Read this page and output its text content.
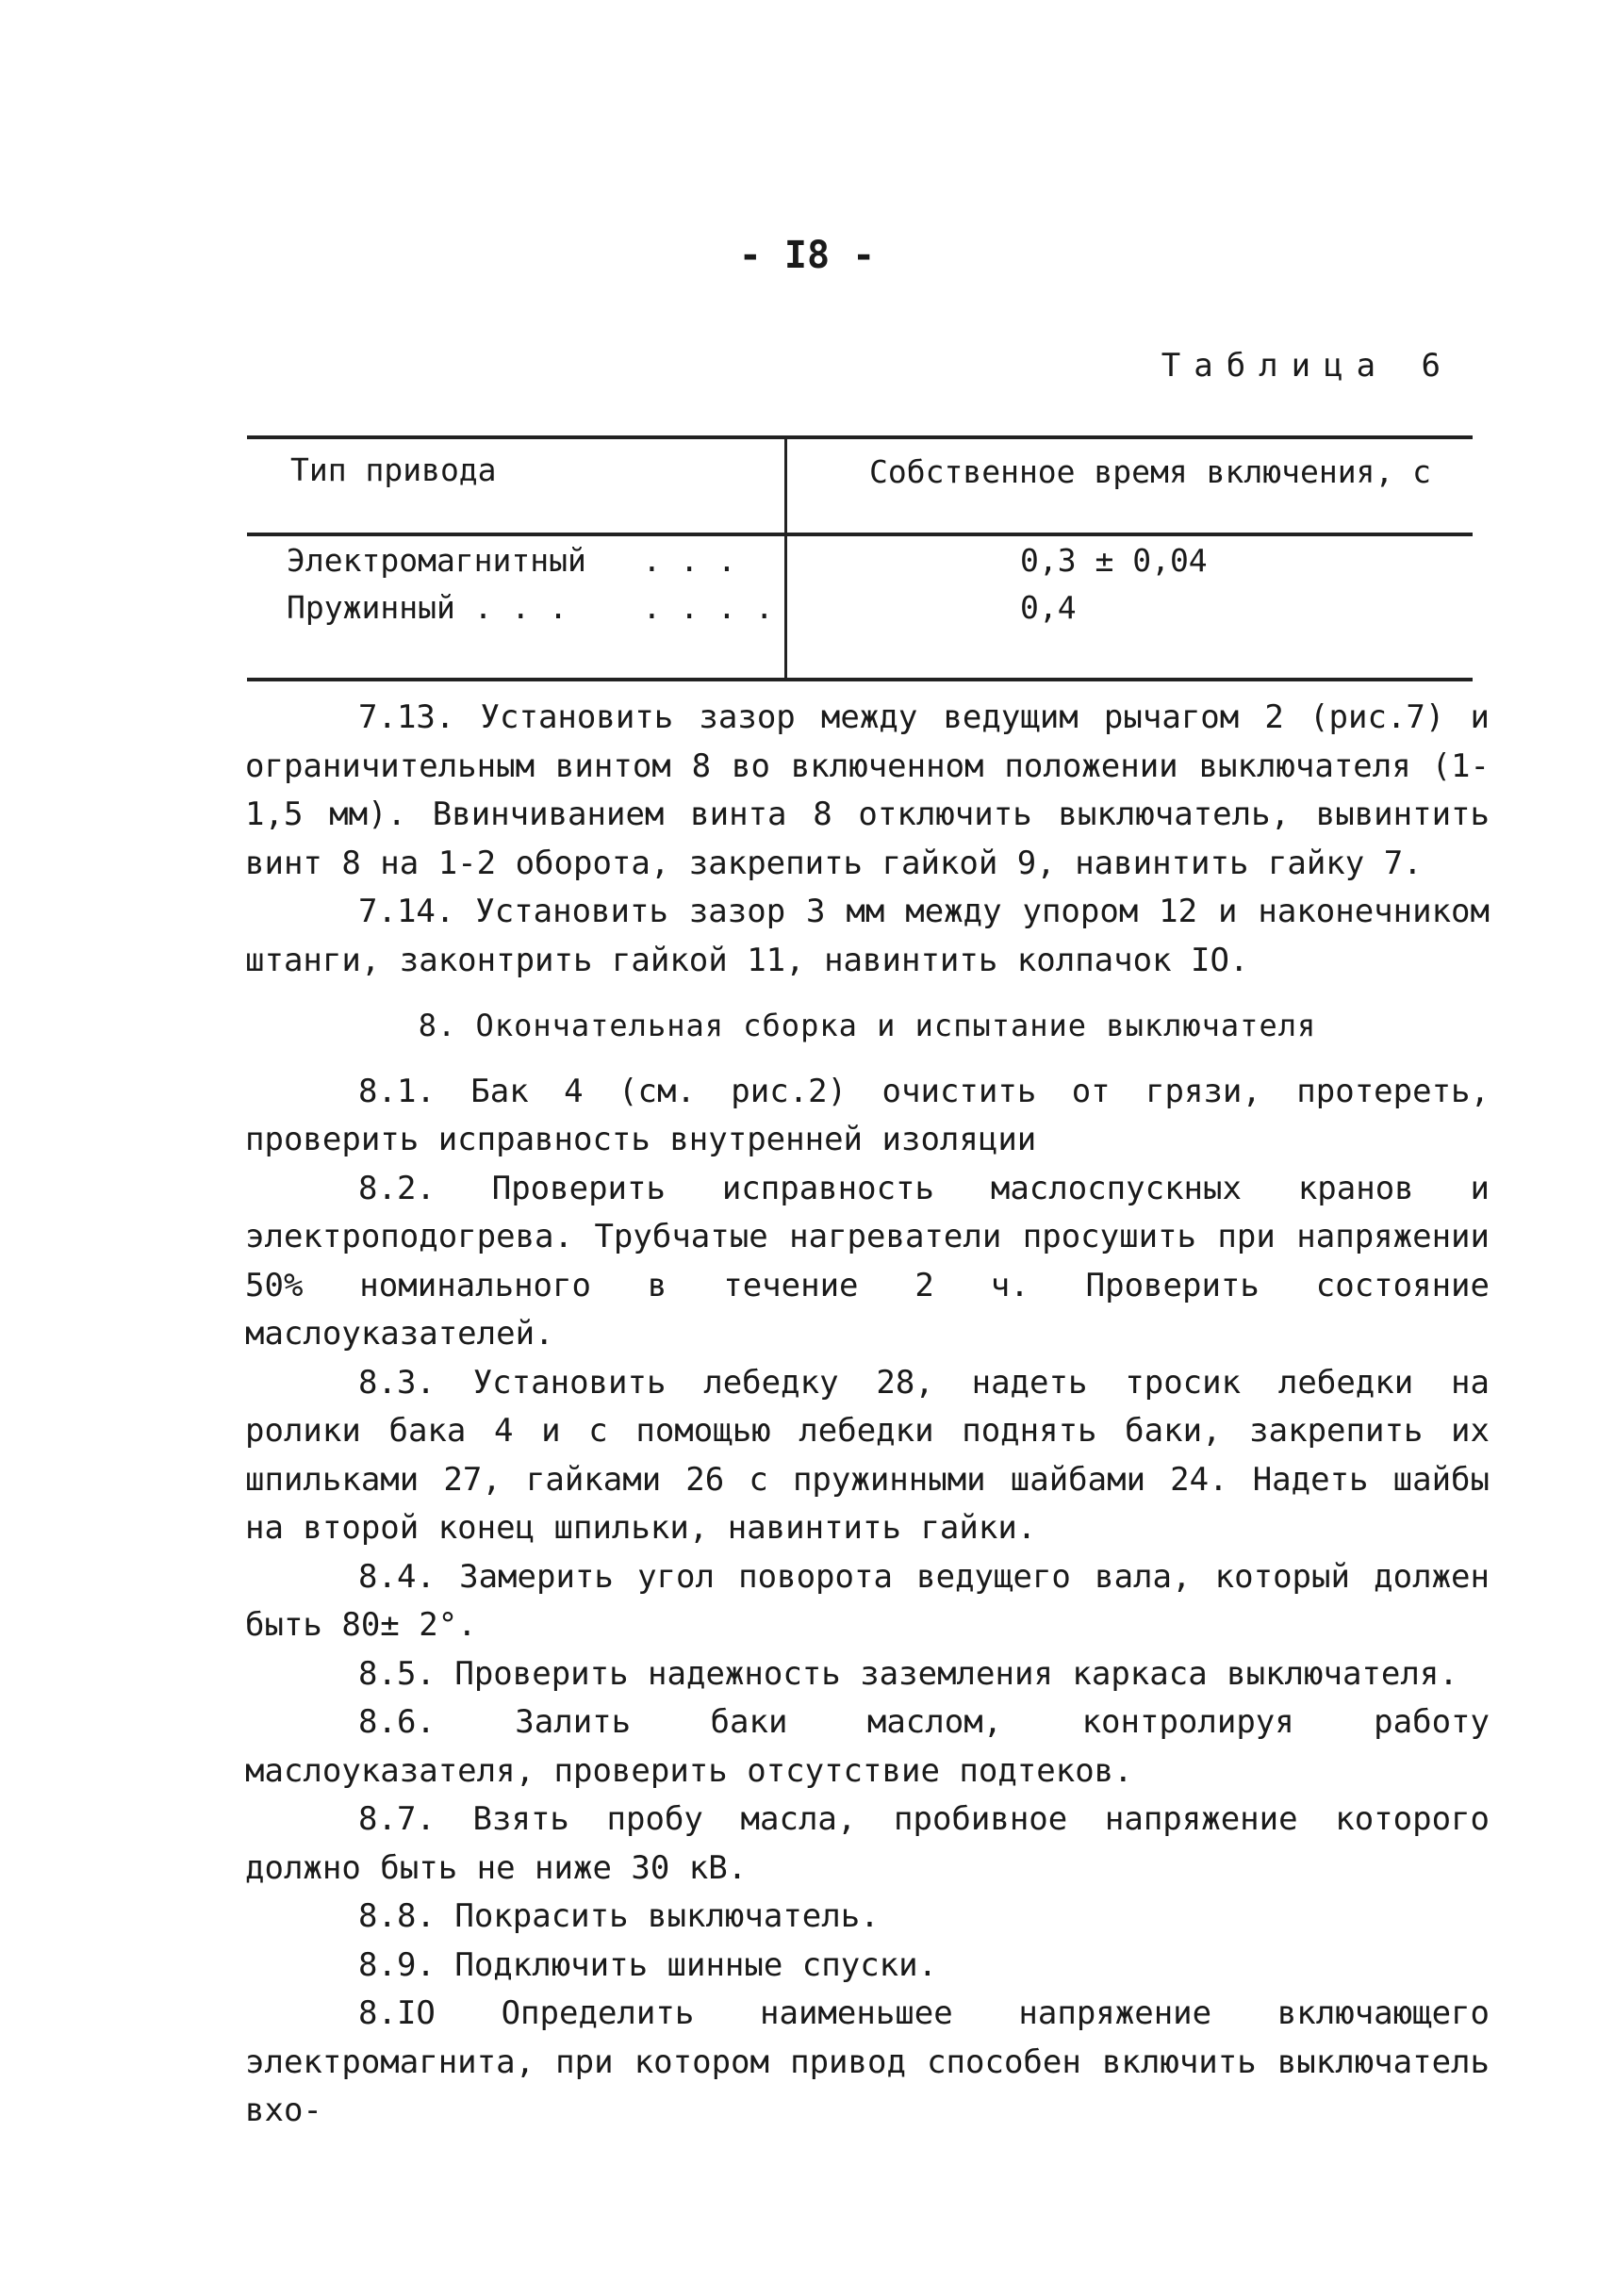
- I8 -
Таблица 6
Тип привода	Собственное время включения, с
Электромагнитный   . . .	0,3 ± 0,04
Пружинный . . .    . . . .	0,4

7.13. Установить зазор между ведущим рычагом 2 (рис.7) и ограничительным винтом 8 во включенном положении выключателя (1-1,5 мм). Ввинчиванием винта 8 отключить выключатель, вывинтить винт 8 на 1-2 оборота, закрепить гайкой 9, навинтить гайку 7.

7.14. Установить зазор 3 мм между упором 12 и наконечником штанги, законтрить гайкой 11, навинтить колпачок IO.

8. Окончательная сборка и испытание выключателя

8.1. Бак 4 (см. рис.2) очистить от грязи, протереть, проверить исправность внутренней изоляции

8.2. Проверить исправность маслоспускных кранов и электроподогрева. Трубчатые нагреватели просушить при напряжении 50% номинального в течение 2 ч. Проверить состояние маслоуказателей.

8.3. Установить лебедку 28, надеть тросик лебедки на ролики бака 4 и с помощью лебедки поднять баки, закрепить их шпильками 27, гайками 26 с пружинными шайбами 24. Надеть шайбы на второй конец шпильки, навинтить гайки.

8.4. Замерить угол поворота ведущего вала, который должен быть 80± 2°.

8.5. Проверить надежность заземления каркаса выключателя.

8.6. Залить баки маслом, контролируя работу маслоуказателя, проверить отсутствие подтеков.

8.7. Взять пробу масла, пробивное напряжение которого должно быть не ниже 30 кВ.

8.8. Покрасить выключатель.

8.9. Подключить шинные спуски.

8.IO Определить наименьшее напряжение включающего электромагнита, при котором привод способен включить выключатель вхо-
